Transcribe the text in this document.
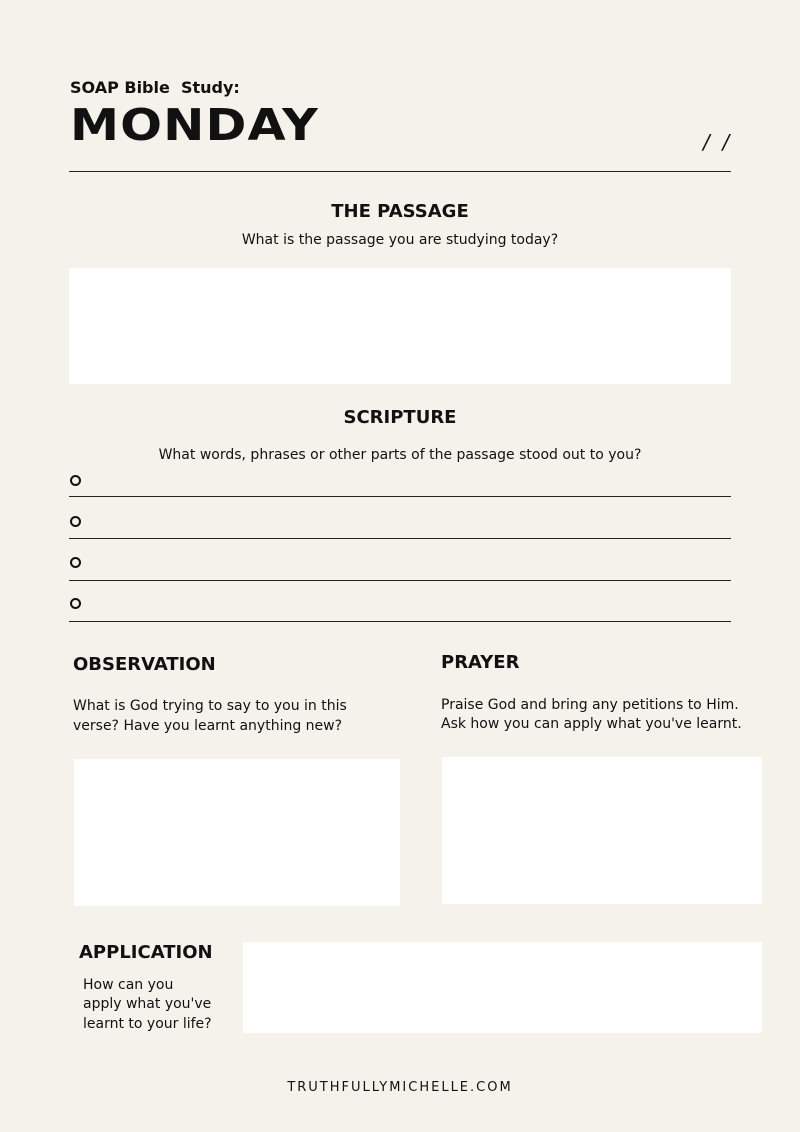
SOAP Bible  Study:
MONDAY	/  /
THE PASSAGE
What is the passage you are studying today?
SCRIPTURE
What words, phrases or other parts of the passage stood out to you?
OBSERVATION
What is God trying to say to you in this
verse? Have you learnt anything new?
PRAYER
Praise God and bring any petitions to Him.
Ask how you can apply what you've learnt.
APPLICATION
How can you
apply what you've
learnt to your life?
TRUTHFULLYMICHELLE.COM
